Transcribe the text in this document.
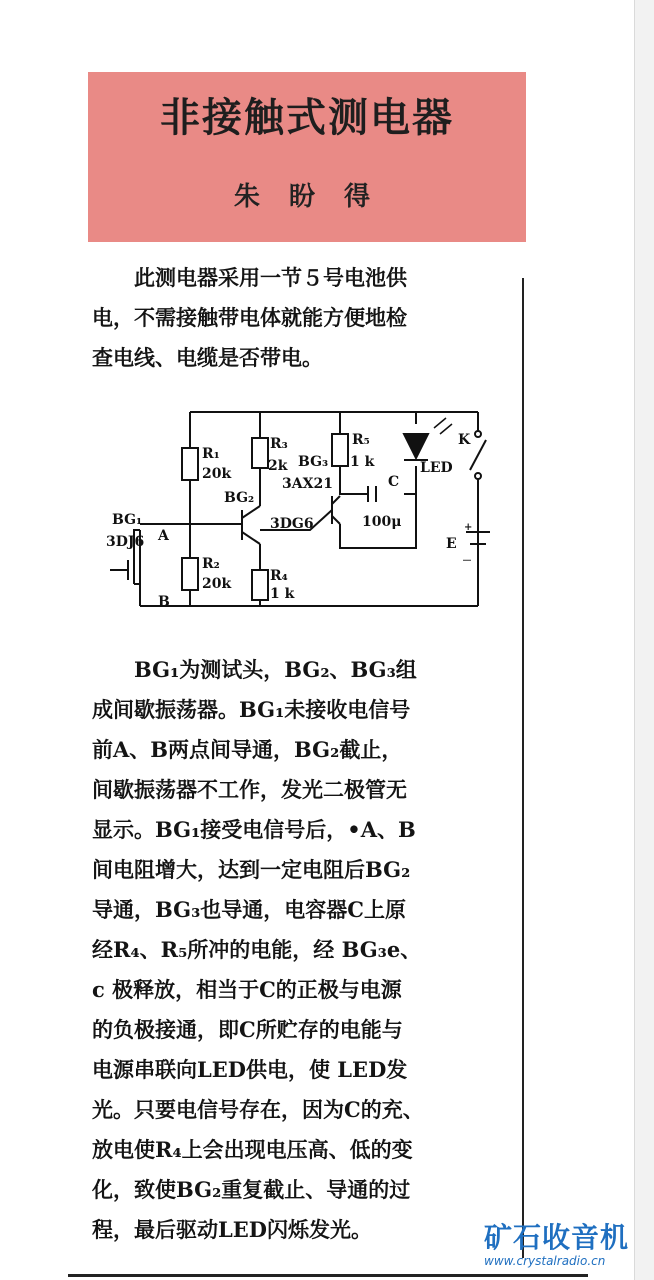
非接触式测电器
朱 盼 得
此测电器采用一节５号电池供
电，不需接触带电体就能方便地检
查电线、电缆是否带电。
BG₁
3DJ6 A
B
R₁
20k
R₂
20k
BG₂
3DG6
R₃
2k
R₄
1 k
BG₃
3AX21
R₅
1 k
C
100μ
LED
K
E
+
－
BG₁为测试头，BG₂、BG₃组
成间歇振荡器。BG₁未接收电信号
前A、B两点间导通，BG₂截止，
间歇振荡器不工作，发光二极管无
显示。BG₁接受电信号后，•A、B
间电阻增大，达到一定电阻后BG₂
导通，BG₃也导通，电容器C上原
经R₄、R₅所冲的电能，经 BG₃e、
c 极释放，相当于C的正极与电源
的负极接通，即C所贮存的电能与
电源串联向LED供电，使 LED发
光。只要电信号存在，因为C的充、
放电使R₄上会出现电压高、低的变
化，致使BG₂重复截止、导通的过
程，最后驱动LED闪烁发光。	矿石收音机
www.crystalradio.cn
